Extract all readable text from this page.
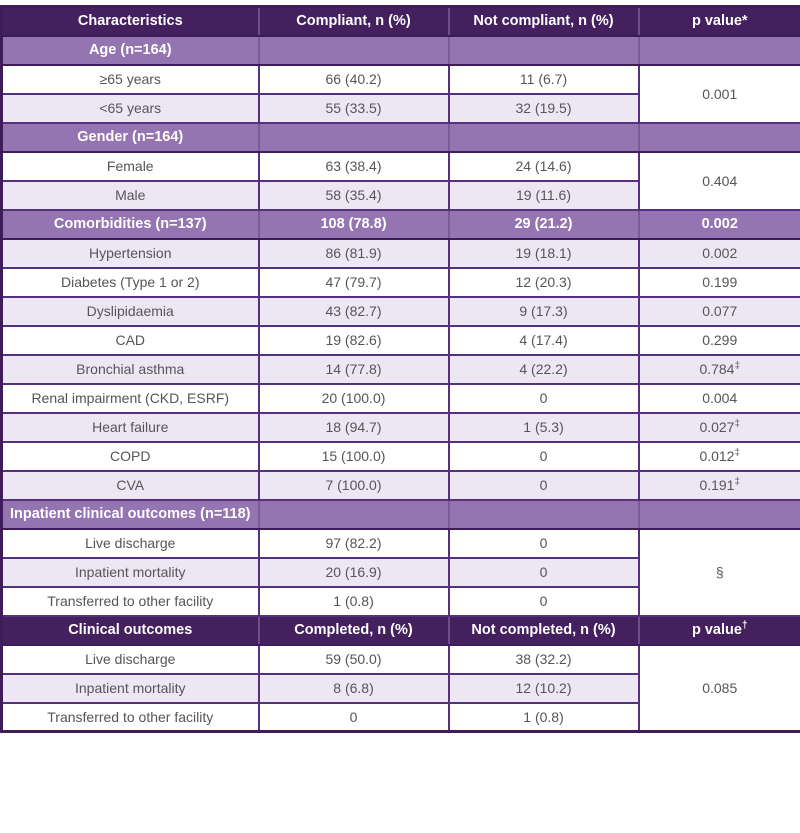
Characteristics	Compliant, n (%)	Not compliant, n (%)	p value*
Age (n=164)			
≥65 years	66 (40.2)	11 (6.7)	0.001
<65 years	55 (33.5)	32 (19.5)	
Gender (n=164)			
Female	63 (38.4)	24 (14.6)	0.404
Male	58 (35.4)	19 (11.6)	
Comorbidities (n=137)	108 (78.8)	29 (21.2)	0.002
Hypertension	86 (81.9)	19 (18.1)	0.002
Diabetes (Type 1 or 2)	47 (79.7)	12 (20.3)	0.199
Dyslipidaemia	43 (82.7)	9 (17.3)	0.077
CAD	19 (82.6)	4 (17.4)	0.299
Bronchial asthma	14 (77.8)	4 (22.2)	0.784‡
Renal impairment (CKD, ESRF)	20 (100.0)	0	0.004
Heart failure	18 (94.7)	1 (5.3)	0.027‡
COPD	15 (100.0)	0	0.012‡
CVA	7 (100.0)	0	0.191‡
Inpatient clinical outcomes (n=118)			
Live discharge	97 (82.2)	0	§
Inpatient mortality	20 (16.9)	0	
Transferred to other facility	1 (0.8)	0	
Clinical outcomes	Completed, n (%)	Not completed, n (%)	p value†
Live discharge	59 (50.0)	38 (32.2)	0.085
Inpatient mortality	8 (6.8)	12 (10.2)	
Transferred to other facility	0	1 (0.8)	
